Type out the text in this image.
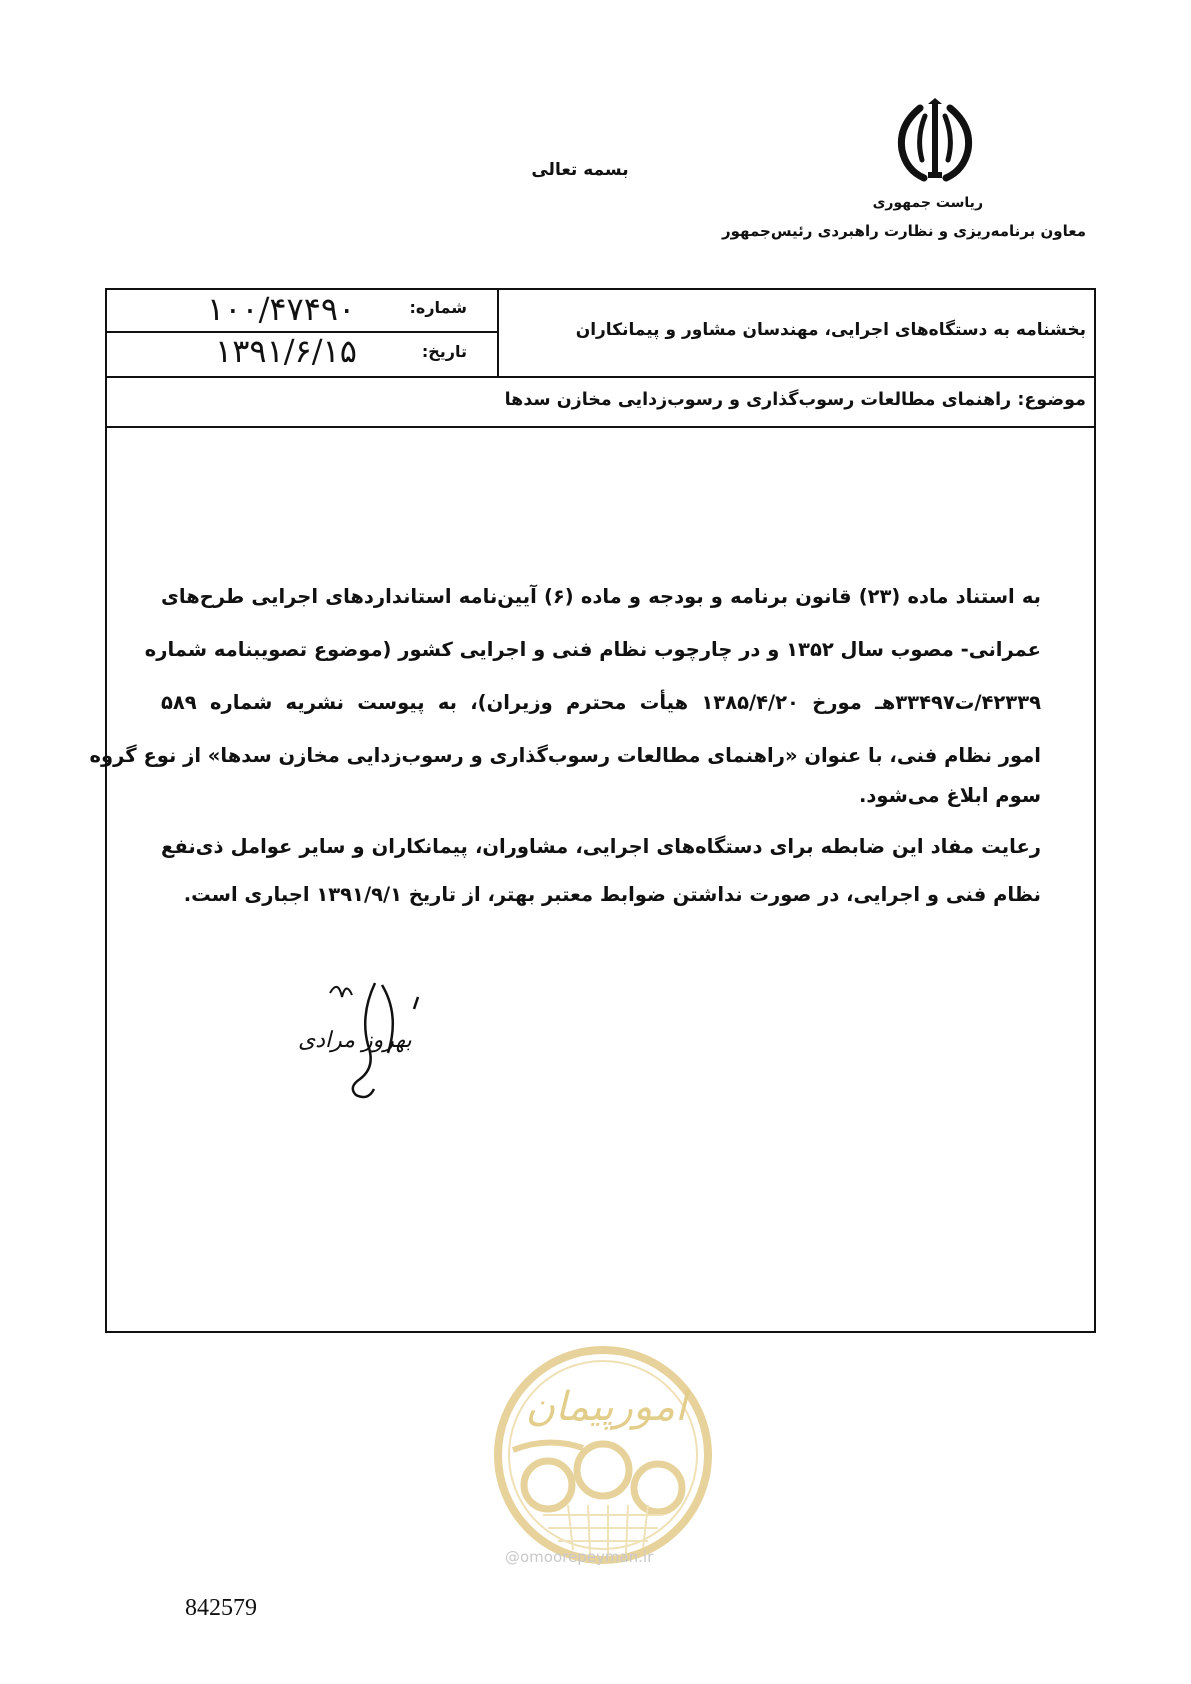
بسمه تعالی
ریاست جمهوری
معاون برنامه‌ریزی و نظارت راهبردی رئیس‌جمهور
شماره:
۱۰۰/۴۷۴۹۰
تاریخ:
۱۳۹۱/۶/۱۵
بخشنامه به دستگاه‌های اجرایی، مهندسان مشاور و پیمانکاران
موضوع: راهنمای مطالعات رسوب‌گذاری و رسوب‌زدایی مخازن سدها
به استناد ماده (۲۳) قانون برنامه و بودجه و ماده (۶) آیین‌نامه استانداردهای اجرایی طرح‌های
عمرانی- مصوب سال ۱۳۵۲ و در چارچوب نظام فنی و اجرایی کشور (موضوع تصویبنامه شماره
۴۲۳۳۹/ت۳۳۴۹۷هـ مورخ ۱۳۸۵/۴/۲۰ هیأت محترم وزیران)، به پیوست نشریه شماره ۵۸۹
امور نظام فنی، با عنوان «راهنمای مطالعات رسوب‌گذاری و رسوب‌زدایی مخازن سدها» از نوع گروه
سوم ابلاغ می‌شود.
رعایت مفاد این ضابطه برای دستگاه‌های اجرایی، مشاوران، پیمانکاران و سایر عوامل ذی‌نفع
نظام فنی و اجرایی، در صورت نداشتن ضوابط معتبر بهتر، از تاریخ ۱۳۹۱/۹/۱ اجباری است.
بهروز مرادی
امورپیمان
@omoorepeyman.ir
842579
